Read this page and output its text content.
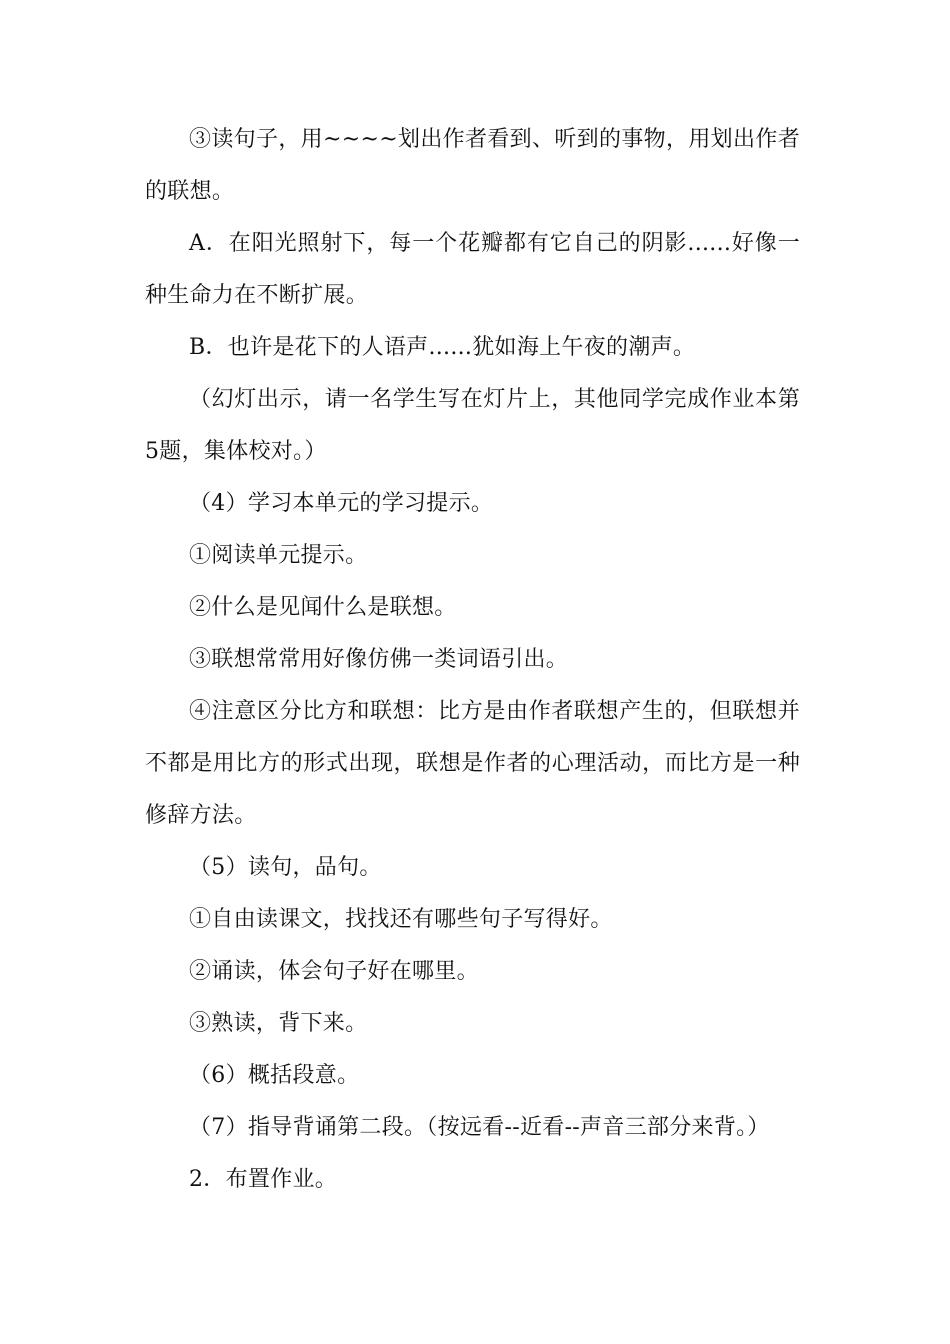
③读句子，用~~~~划出作者看到、听到的事物，用划出作者的联想。

A．在阳光照射下，每一个花瓣都有它自己的阴影......好像一种生命力在不断扩展。

B．也许是花下的人语声......犹如海上午夜的潮声。

（幻灯出示，请一名学生写在灯片上，其他同学完成作业本第5题，集体校对。）

（4）学习本单元的学习提示。

①阅读单元提示。

②什么是见闻什么是联想。

③联想常常用好像仿佛一类词语引出。

④注意区分比方和联想：比方是由作者联想产生的，但联想并不都是用比方的形式出现，联想是作者的心理活动，而比方是一种修辞方法。

（5）读句，品句。

①自由读课文，找找还有哪些句子写得好。

②诵读，体会句子好在哪里。

③熟读，背下来。

（6）概括段意。

（7）指导背诵第二段。（按远看--近看--声音三部分来背。）

2．布置作业。
